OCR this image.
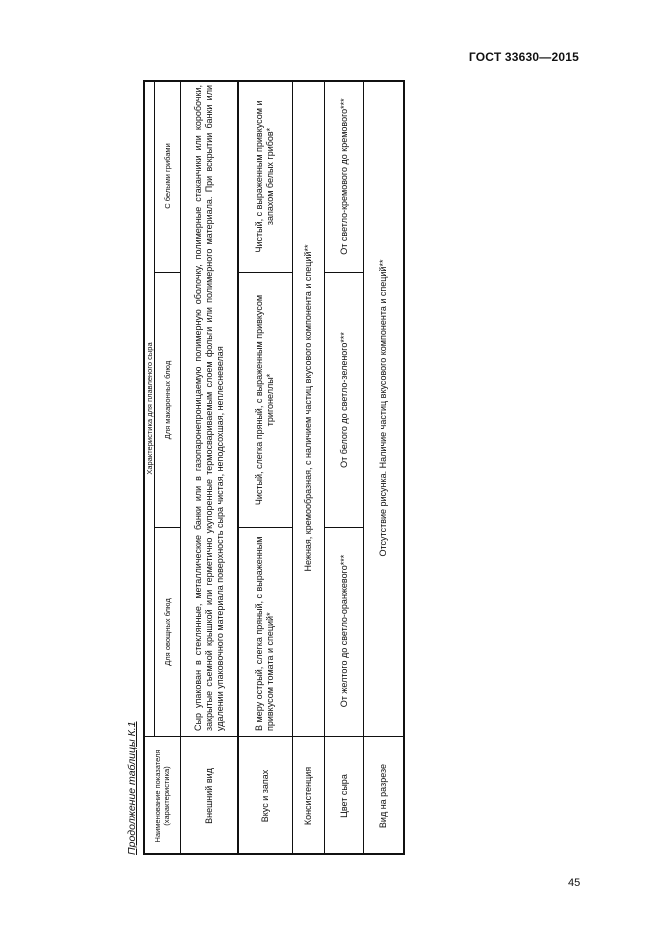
ГОСТ 33630—2015
Продолжение таблицы К.1	Наименование показателя (характеристика)
Характеристика для плавленого сыра
Для овощных блюд
Для макаронных блюд
С белыми грибами
Внешний вид
Сыр упакован в стеклянные, металлические банки или в газопаронепроницаемую полимерную оболочку, полимерные стаканчики или коробочки, закрытые съемной крышкой или герметично укупоренные термосвариваемым слоем фольги или полимерного материала. При вскрытии банки или удалении упаковочного материала поверхность сыра чистая, неподсохшая, неплесневелая
Вкус и запах
В меру острый, слегка пряный, с выраженным привкусом томата и специй*
Чистый, слегка пряный, с выраженным привкусом тригонеллы*
Чистый, с выраженным привкусом и запахом белых грибов*
Консистенция
Нежная, кремообразная, с наличием частиц вкусового компонента и специй**
Цвет сыра
От желтого до светло-оранжевого***
От белого до светло-зеленого***
От светло-кремового до кремового***
Вид на разрезе
Отсутствие рисунка. Наличие частиц вкусового компонента и специй**
45
